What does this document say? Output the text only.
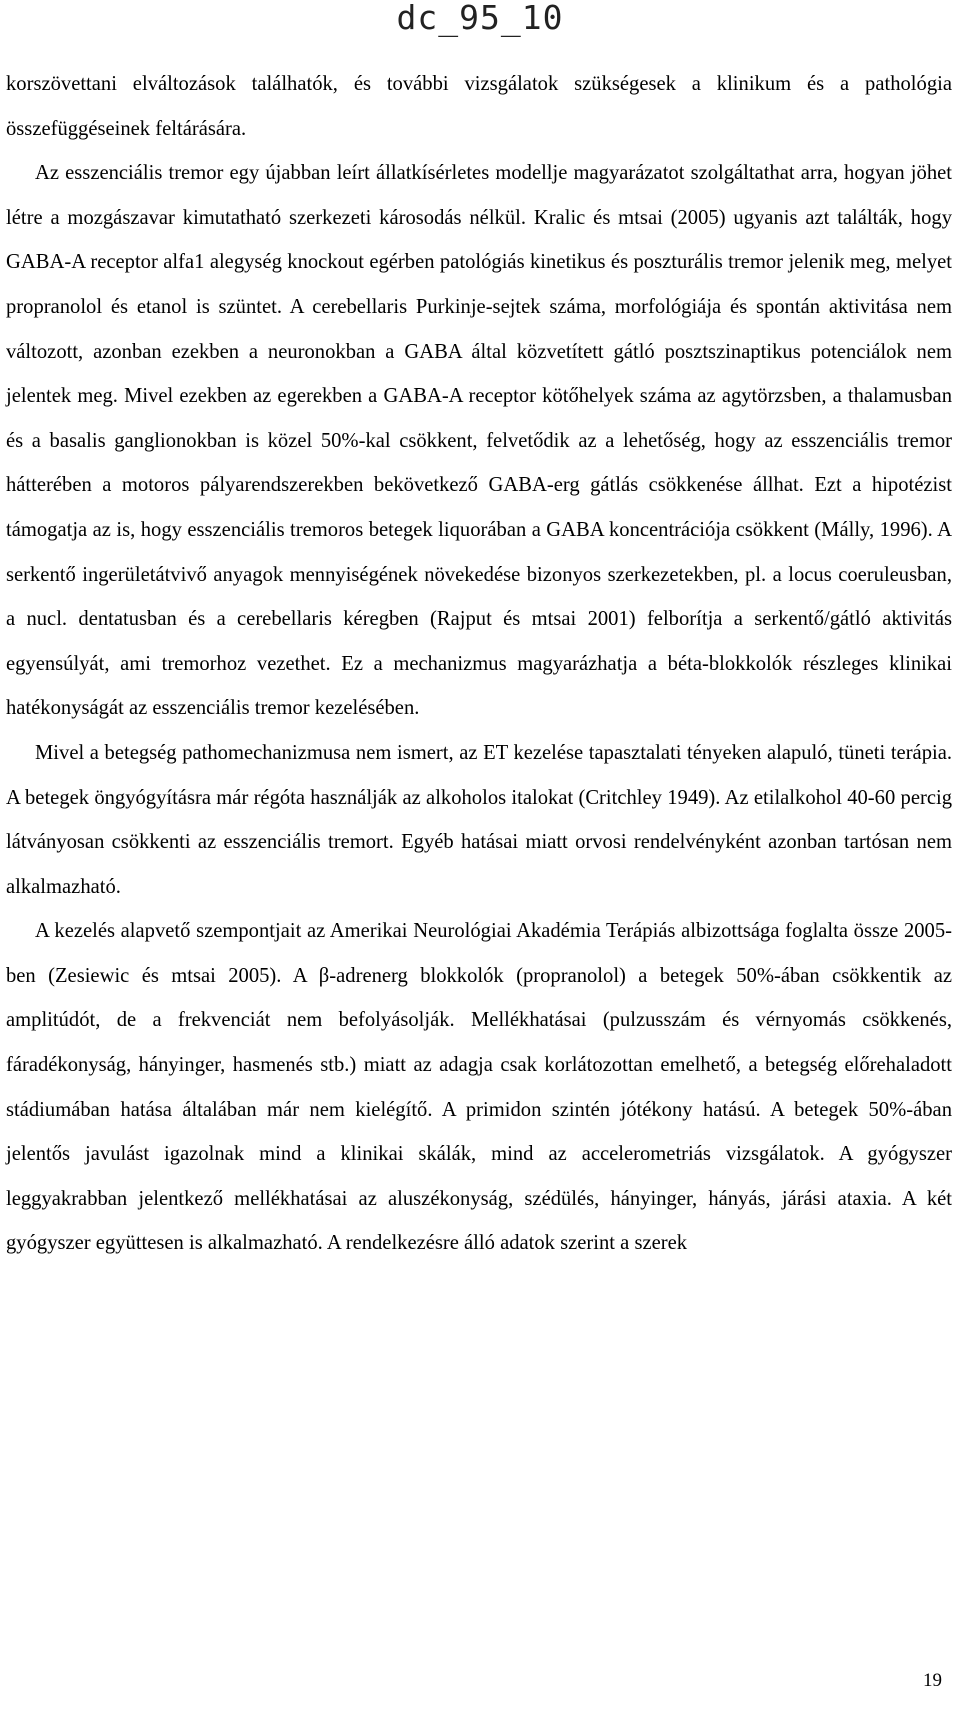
dc_95_10

korszövettani elváltozások találhatók, és további vizsgálatok szükségesek a klinikum és a pathológia összefüggéseinek feltárására.

Az esszenciális tremor egy újabban leírt állatkísérletes modellje magyarázatot szolgáltathat arra, hogyan jöhet létre a mozgászavar kimutatható szerkezeti károsodás nélkül. Kralic és mtsai (2005) ugyanis azt találták, hogy GABA-A receptor alfa1 alegység knockout egérben patológiás kinetikus és poszturális tremor jelenik meg, melyet propranolol és etanol is szüntet. A cerebellaris Purkinje-sejtek száma, morfológiája és spontán aktivitása nem változott, azonban ezekben a neuronokban a GABA által közvetített gátló posztszinaptikus potenciálok nem jelentek meg. Mivel ezekben az egerekben a GABA-A receptor kötőhelyek száma az agytörzsben, a thalamusban és a basalis ganglionokban is közel 50%-kal csökkent, felvetődik az a lehetőség, hogy az esszenciális tremor hátterében a motoros pályarendszerekben bekövetkező GABA-erg gátlás csökkenése állhat. Ezt a hipotézist támogatja az is, hogy esszenciális tremoros betegek liquorában a GABA koncentrációja csökkent (Málly, 1996). A serkentő ingerületátvivő anyagok mennyiségének növekedése bizonyos szerkezetekben, pl. a locus coeruleusban, a nucl. dentatusban és a cerebellaris kéregben (Rajput és mtsai 2001) felborítja a serkentő/gátló aktivitás egyensúlyát, ami tremorhoz vezethet. Ez a mechanizmus magyarázhatja a béta-blokkolók részleges klinikai hatékonyságát az esszenciális tremor kezelésében.

Mivel a betegség pathomechanizmusa nem ismert, az ET kezelése tapasztalati tényeken alapuló, tüneti terápia. A betegek öngyógyításra már régóta használják az alkoholos italokat (Critchley 1949). Az etilalkohol 40-60 percig látványosan csökkenti az esszenciális tremort. Egyéb hatásai miatt orvosi rendelvényként azonban tartósan nem alkalmazható.

A kezelés alapvető szempontjait az Amerikai Neurológiai Akadémia Terápiás albizottsága foglalta össze 2005-ben (Zesiewic és mtsai 2005). A β-adrenerg blokkolók (propranolol) a betegek 50%-ában csökkentik az amplitúdót, de a frekvenciát nem befolyásolják. Mellékhatásai (pulzusszám és vérnyomás csökkenés, fáradékonyság, hányinger, hasmenés stb.) miatt az adagja csak korlátozottan emelhető, a betegség előrehaladott stádiumában hatása általában már nem kielégítő. A primidon szintén jótékony hatású. A betegek 50%-ában jelentős javulást igazolnak mind a klinikai skálák, mind az accelerometriás vizsgálatok. A gyógyszer leggyakrabban jelentkező mellékhatásai az aluszékonyság, szédülés, hányinger, hányás, járási ataxia. A két gyógyszer együttesen is alkalmazható. A rendelkezésre álló adatok szerint a szerek

19
